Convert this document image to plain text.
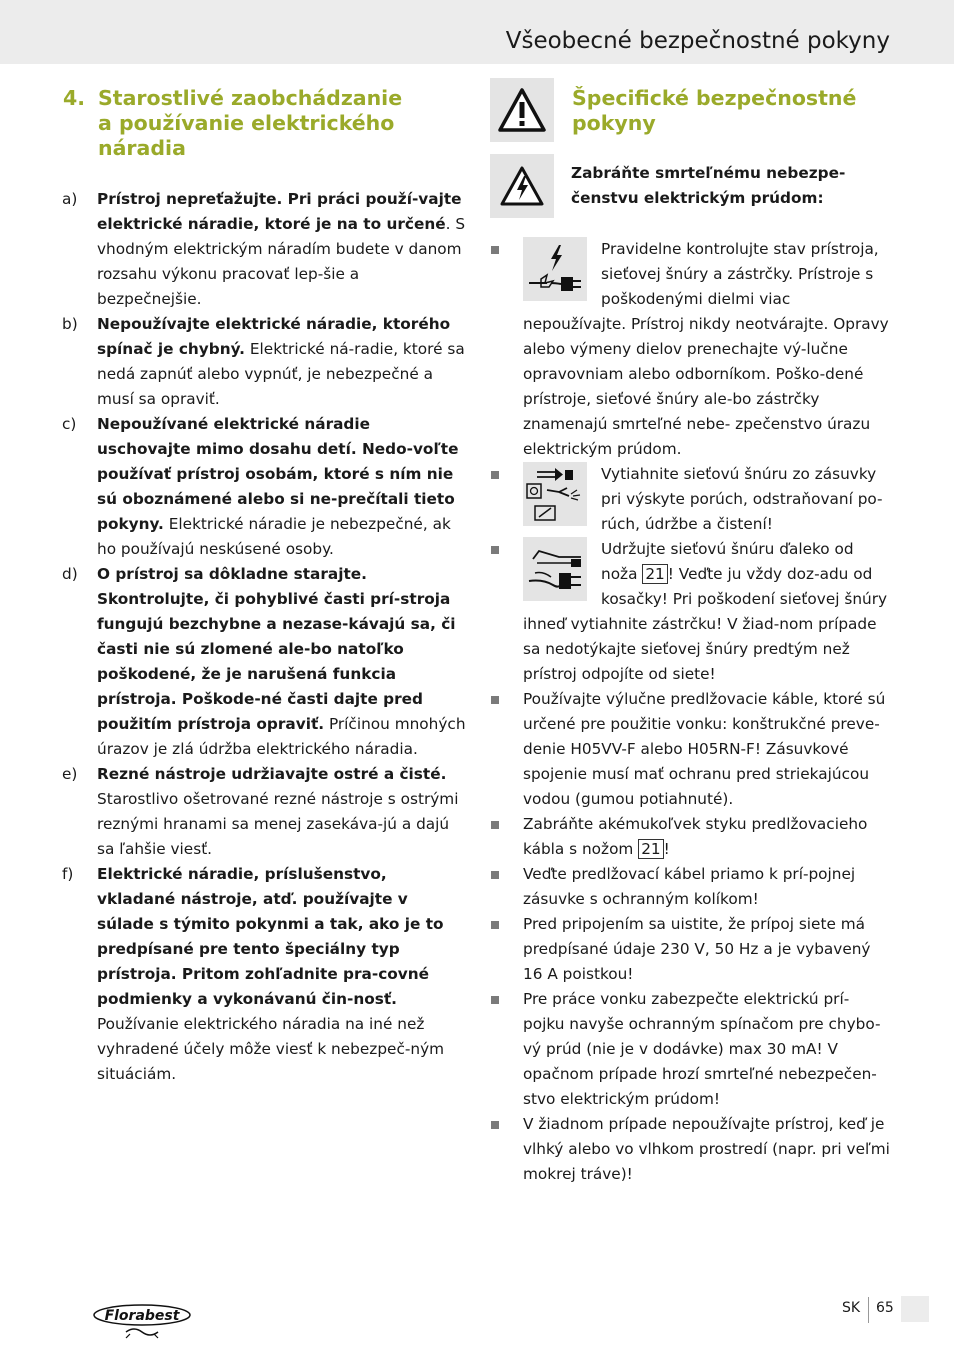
Všeobecné bezpečnostné pokyny
4. Starostlivé zaobchádzanie
a používanie elektrického
náradia
a) Prístroj nepreťažujte. Pri práci použí-vajte elektrické náradie, ktoré je na to určené. S vhodným elektrickým náradím budete v danom rozsahu výkonu pracovať lep-šie a bezpečnejšie.
b) Nepoužívajte elektrické náradie, ktorého spínač je chybný. Elektrické ná-radie, ktoré sa nedá zapnúť alebo vypnúť, je nebezpečné a musí sa opraviť.
c) Nepoužívané elektrické náradie uschovajte mimo dosahu detí. Nedo-voľte používať prístroj osobám, ktoré s ním nie sú oboznámené alebo si ne-prečítali tieto pokyny. Elektrické náradie je nebezpečné, ak ho používajú neskúsené osoby.
d) O prístroj sa dôkladne starajte. Skontrolujte, či pohyblivé časti prí-stroja fungujú bezchybne a nezase-kávajú sa, či časti nie sú zlomené ale-bo natoľko poškodené, že je narušená funkcia prístroja. Poškode-né časti dajte pred použitím prístroja opraviť. Príčinou mnohých úrazov je zlá údržba elektrického náradia.
e) Rezné nástroje udržiavajte ostré a čisté. Starostlivo ošetrované rezné nástroje s ostrými reznými hranami sa menej zasekáva-jú a dajú sa ľahšie viesť.
f) Elektrické náradie, príslušenstvo, vkladané nástroje, atď. používajte v súlade s týmito pokynmi a tak, ako je to predpísané pre tento špeciálny typ prístroja. Pritom zohľadnite pra-covné podmienky a vykonávanú čin-nosť. Používanie elektrického náradia na iné než vyhradené účely môže viesť k nebezpeč-ným situáciám.
Špecifické bezpečnostné
pokyny
Zabráňte smrteľnému nebezpe-
čenstvu elektrickým prúdom:
Pravidelne kontrolujte stav prístroja, sieťovej šnúry a zástrčky. Prístroje s poškodenými dielmi viac nepoužívajte. Prístroj nikdy neotvárajte. Opravy alebo výmeny dielov prenechajte vý-lučne opravovniam alebo odborníkom. Poško-dené prístroje, sieťové šnúry ale-bo zástrčky znamenajú smrteľné nebe- zpečenstvo úrazu elektrickým prúdom.
Vytiahnite sieťovú šnúru zo zásuvky pri výskyte porúch, odstraňovaní po-rúch, údržbe a čistení!
Udržujte sieťovú šnúru ďaleko od noža 21 ! Veďte ju vždy doz-adu od kosačky! Pri poškodení sieťovej šnúry ihneď vytiahnite zástrčku! V žiad-nom prípade sa nedotýkajte sieťovej šnúry predtým než prístroj odpojíte od siete!
Používajte výlučne predlžovacie káble, ktoré sú určené pre použitie vonku: konštrukčné preve-denie H05VV-F alebo H05RN-F! Zásuvkové spojenie musí mať ochranu pred striekajúcou vodou (gumou potiahnuté).
Zabráňte akémukoľvek styku predlžovacieho kábla s nožom 21 !
Veďte predlžovací kábel priamo k prí-pojnej zásuvke s ochranným kolíkom!
Pred pripojením sa uistite, že prípoj siete má predpísané údaje 230 V, 50 Hz a je vybavený 16 A poistkou!
Pre práce vonku zabezpečte elektrickú prí-pojku navyše ochranným spínačom pre chybo-vý prúd (nie je v dodávke) max 30 mA! V opačnom prípade hrozí smrteľné nebezpečen-stvo elektrickým prúdom!
V žiadnom prípade nepoužívajte prístroj, keď je vlhký alebo vo vlhkom prostredí (napr. pri veľmi mokrej tráve)!
Florabest	SK 65
